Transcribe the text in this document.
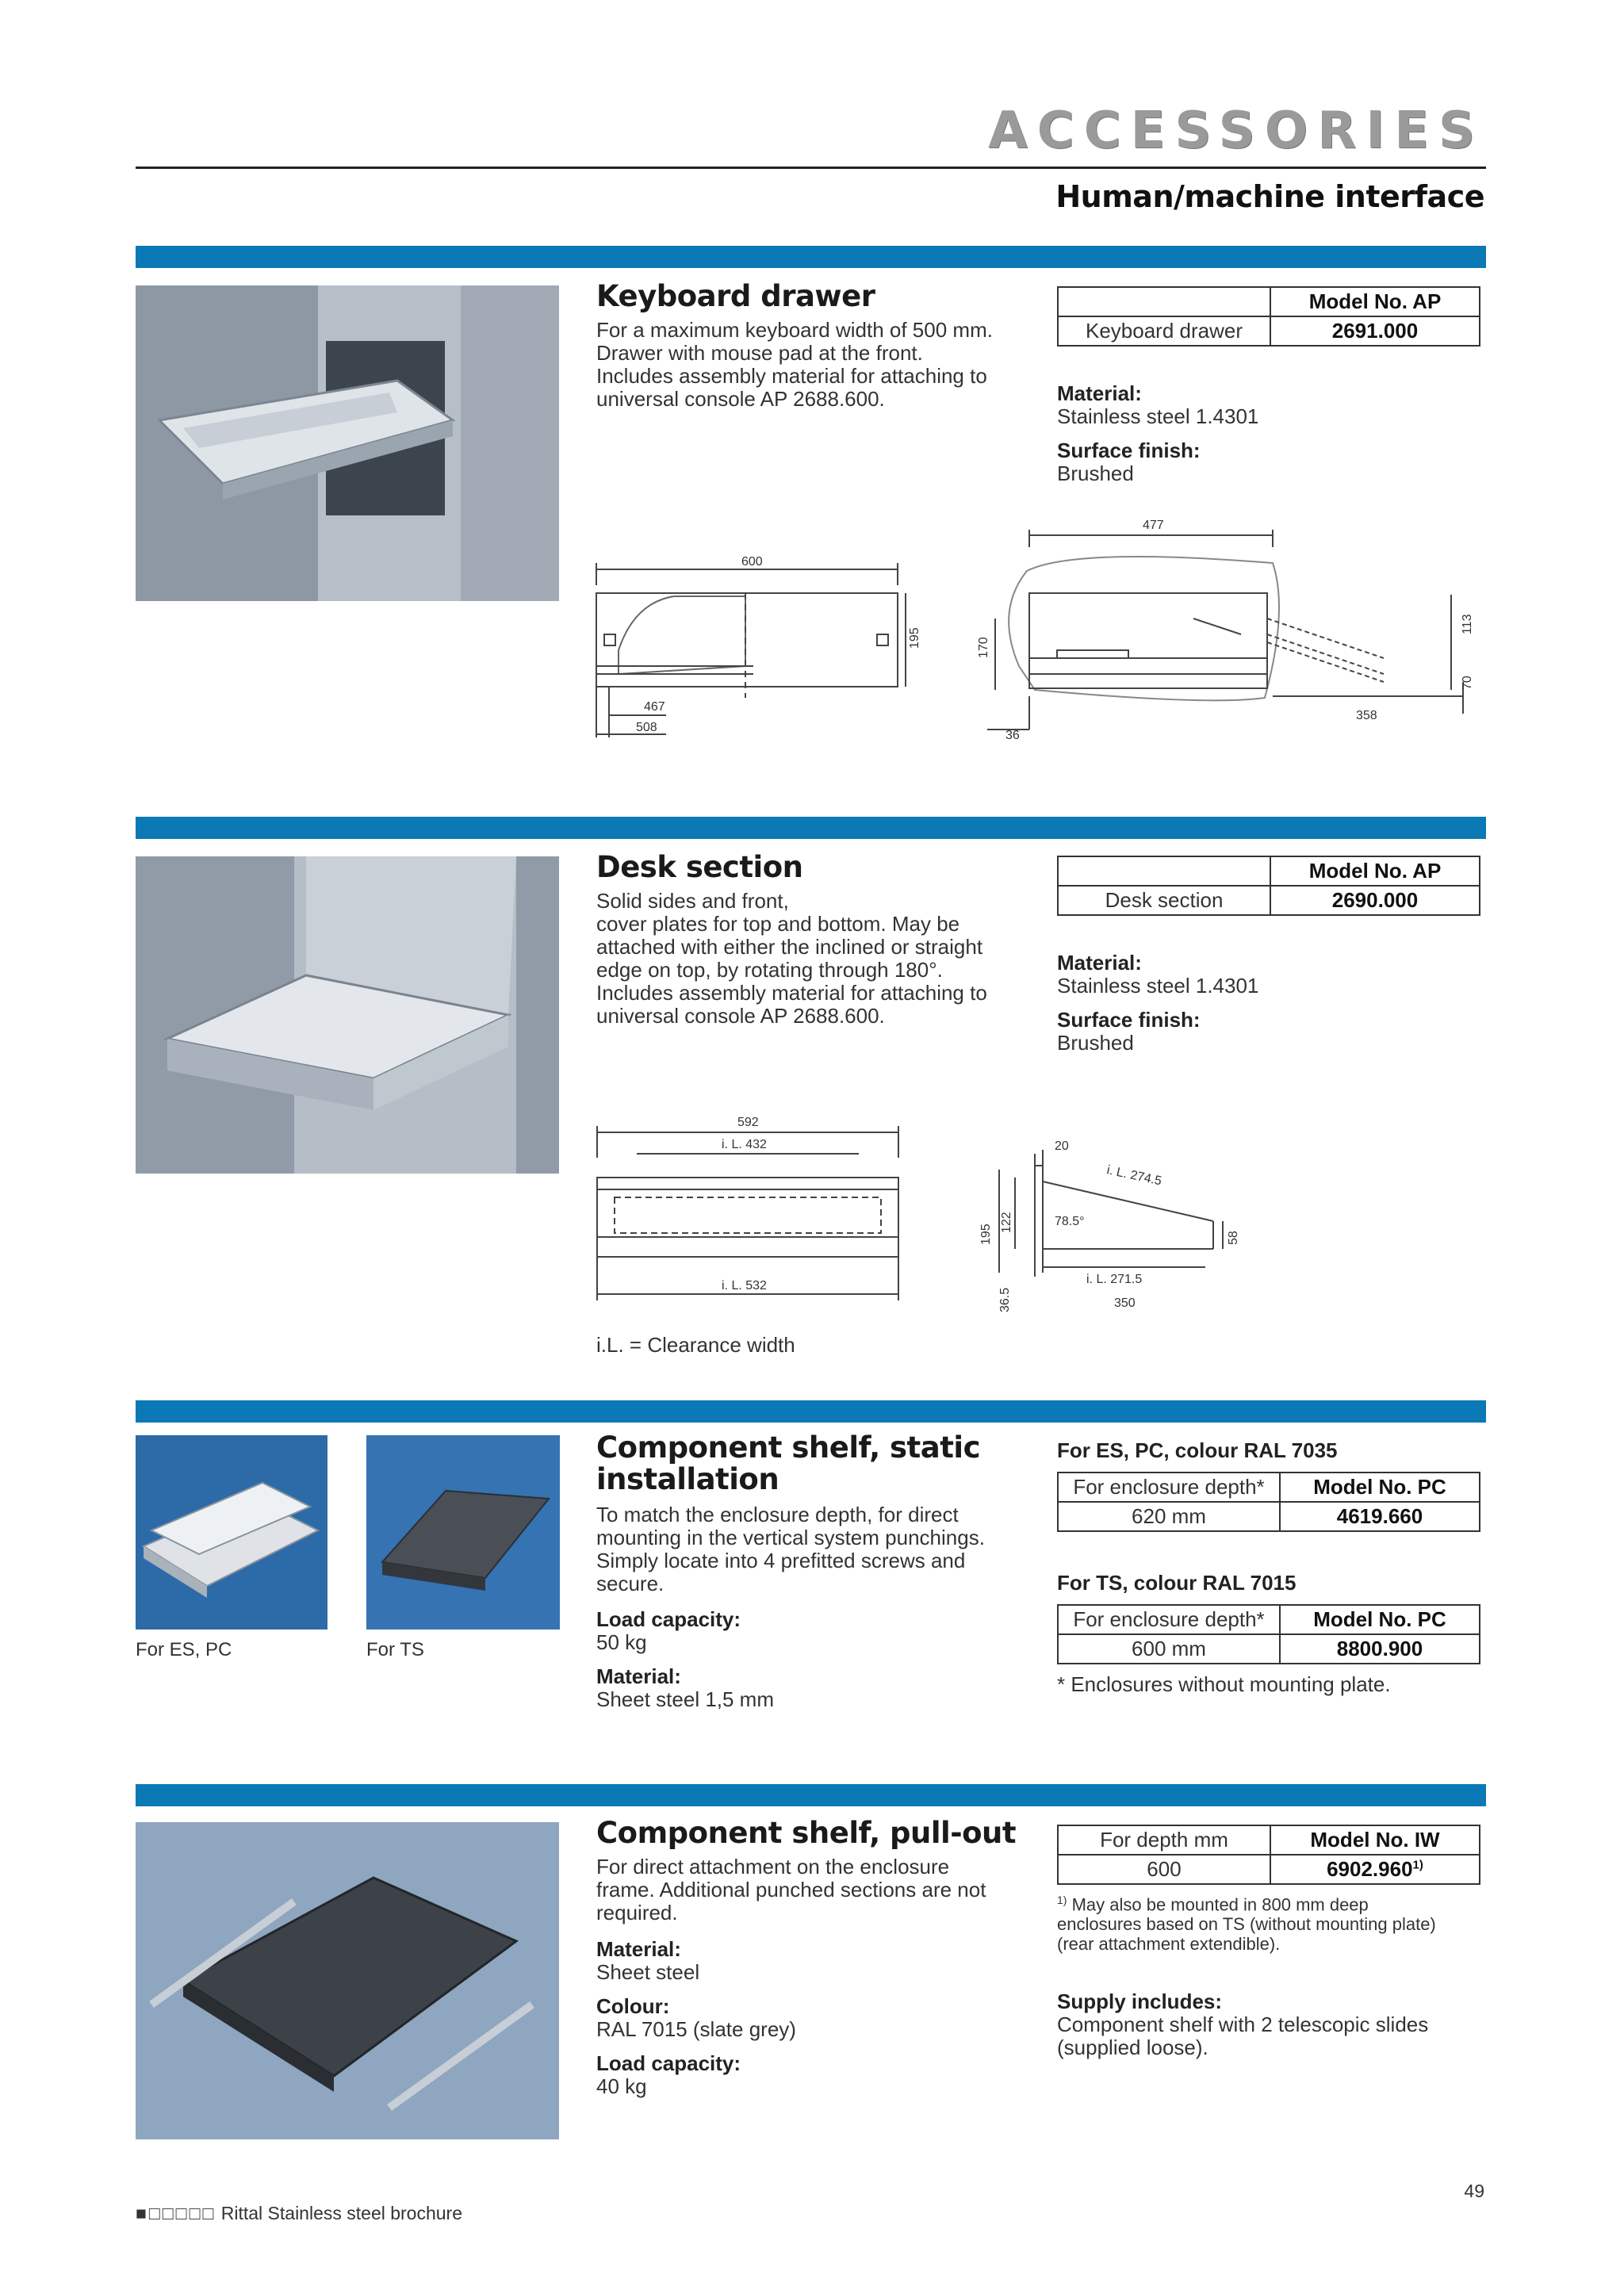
ACCESSORIES
Human/machine interface
Keyboard drawer
For a maximum keyboard width of 500 mm.
Drawer with mouse pad at the front.
Includes assembly material for attaching to
universal console AP 2688.600.
	Model No. AP
Keyboard drawer	2691.000
Material:
Stainless steel 1.4301
Surface finish:
Brushed
600
195
467
508
477
170
113
70
358
36
Desk section
Solid sides and front,
cover plates for top and bottom. May be
attached with either the inclined or straight
edge on top, by rotating through 180°.
Includes assembly material for attaching to
universal console AP 2688.600.
	Model No. AP
Desk section	2690.000
Material:
Stainless steel 1.4301
Surface finish:
Brushed
592
i. L. 432
i. L. 532
20
i. L. 274.5
78.5°
195
122
58
i. L. 271.5
350
36.5
i.L. = Clearance width
For ES, PC	For TS
Component shelf, static
installation
To match the enclosure depth, for direct
mounting in the vertical system punchings.
Simply locate into 4 prefitted screws and
secure.
Load capacity:
50 kg
Material:
Sheet steel 1,5 mm
For ES, PC, colour RAL 7035
For enclosure depth*	Model No. PC
620 mm	4619.660
For TS, colour RAL 7015
For enclosure depth*	Model No. PC
600 mm	8800.900
* Enclosures without mounting plate.
Component shelf, pull-out
For direct attachment on the enclosure
frame. Additional punched sections are not
required.
Material:
Sheet steel
Colour:
RAL 7015 (slate grey)
Load capacity:
40 kg
For depth mm	Model No. IW
600	6902.960$^{1)}$
$^{1)}$ May also be mounted in 800 mm deep
enclosures based on TS (without mounting plate)
(rear attachment extendible).
Supply includes:
Component shelf with 2 telescopic slides
(supplied loose).
49
■□□□□□ Rittal Stainless steel brochure
